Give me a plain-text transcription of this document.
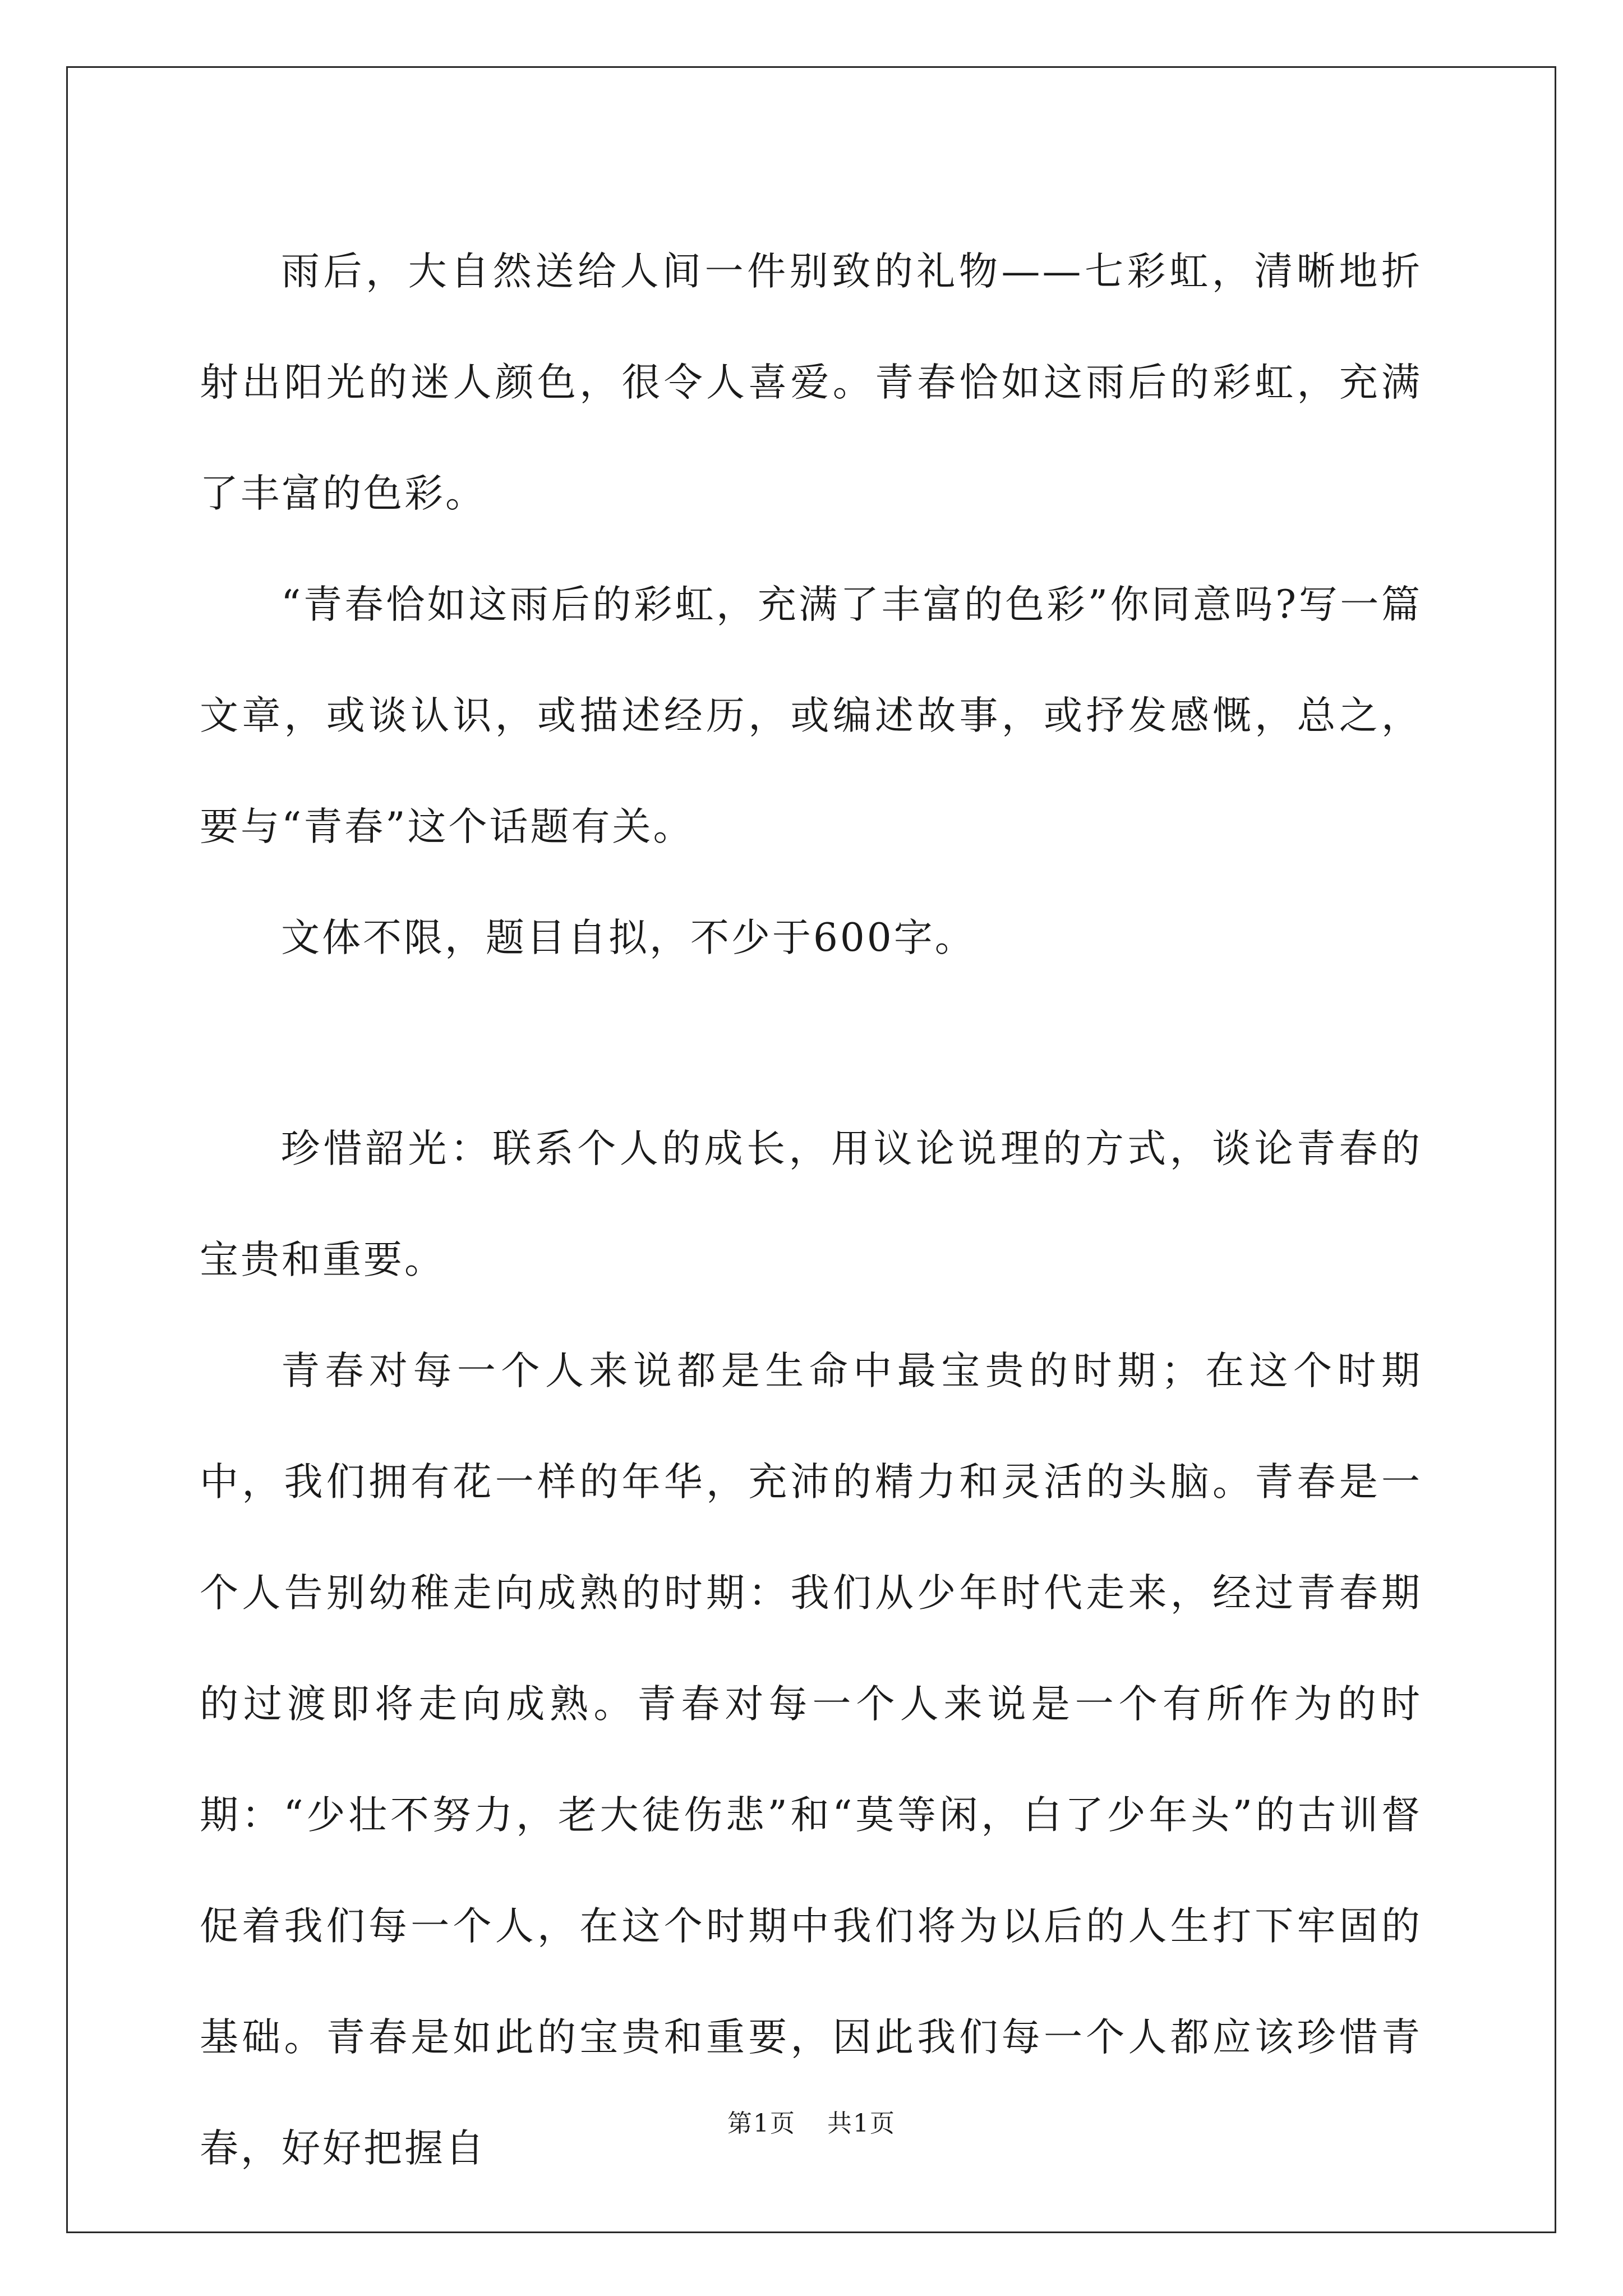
雨后，大自然送给人间一件别致的礼物——七彩虹，清晰地折射出阳光的迷人颜色，很令人喜爱。青春恰如这雨后的彩虹，充满了丰富的色彩。

“青春恰如这雨后的彩虹，充满了丰富的色彩”你同意吗?写一篇文章，或谈认识，或描述经历，或编述故事，或抒发感慨，总之，要与“青春”这个话题有关。

文体不限，题目自拟，不少于600字。

珍惜韶光：联系个人的成长，用议论说理的方式，谈论青春的宝贵和重要。

青春对每一个人来说都是生命中最宝贵的时期；在这个时期中，我们拥有花一样的年华，充沛的精力和灵活的头脑。青春是一个人告别幼稚走向成熟的时期：我们从少年时代走来，经过青春期的过渡即将走向成熟。青春对每一个人来说是一个有所作为的时期：“少壮不努力，老大徒伤悲”和“莫等闲，白了少年头”的古训督促着我们每一个人，在这个时期中我们将为以后的人生打下牢固的基础。青春是如此的宝贵和重要，因此我们每一个人都应该珍惜青春，好好把握自

第1页 共1页
